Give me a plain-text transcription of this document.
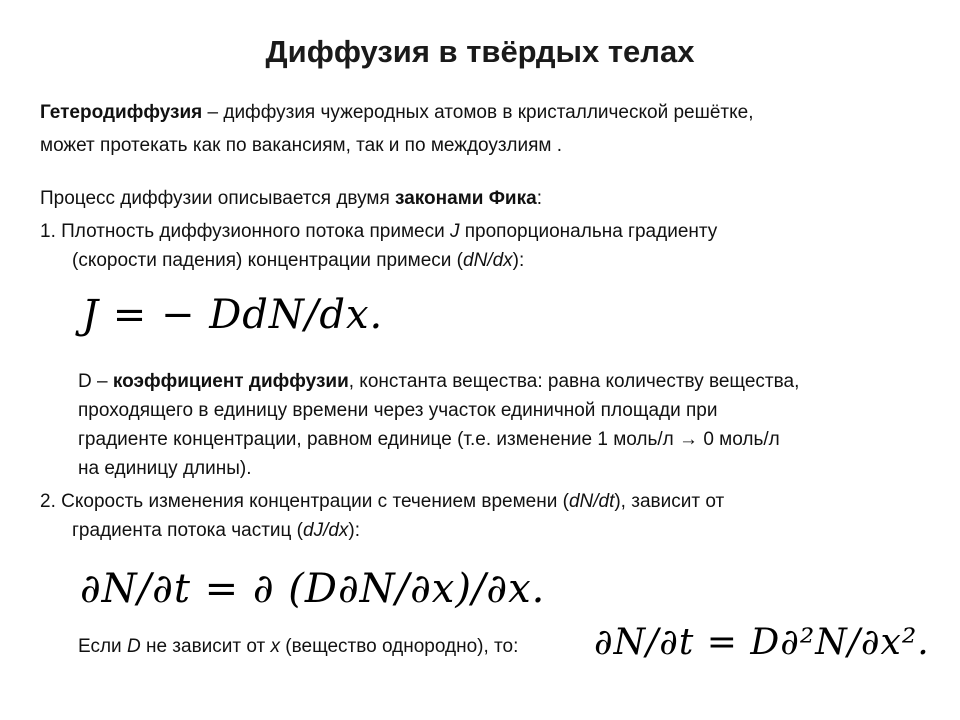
Диффузия в твёрдых телах
Гетеродиффузия – диффузия чужеродных атомов в кристаллической решётке,
может протекать как по вакансиям, так и по междоузлиям .
Процесс диффузии описывается двумя законами Фика:
1. Плотность диффузионного потока примеси J пропорциональна градиенту
(скорости падения) концентрации примеси (dN/dx):
J = − DdN/dx.
D – коэффициент диффузии, константа вещества: равна количеству вещества,
проходящего в единицу времени через участок единичной площади при
градиенте концентрации, равном единице (т.е. изменение 1 моль/л → 0 моль/л
на единицу длины).
2. Скорость изменения концентрации с течением времени (dN/dt), зависит от
градиента потока частиц (dJ/dx):
∂N/∂t = ∂ (D∂N/∂x)/∂x.
Если D не зависит от x (вещество однородно), то: ∂N/∂t = D∂²N/∂x².
